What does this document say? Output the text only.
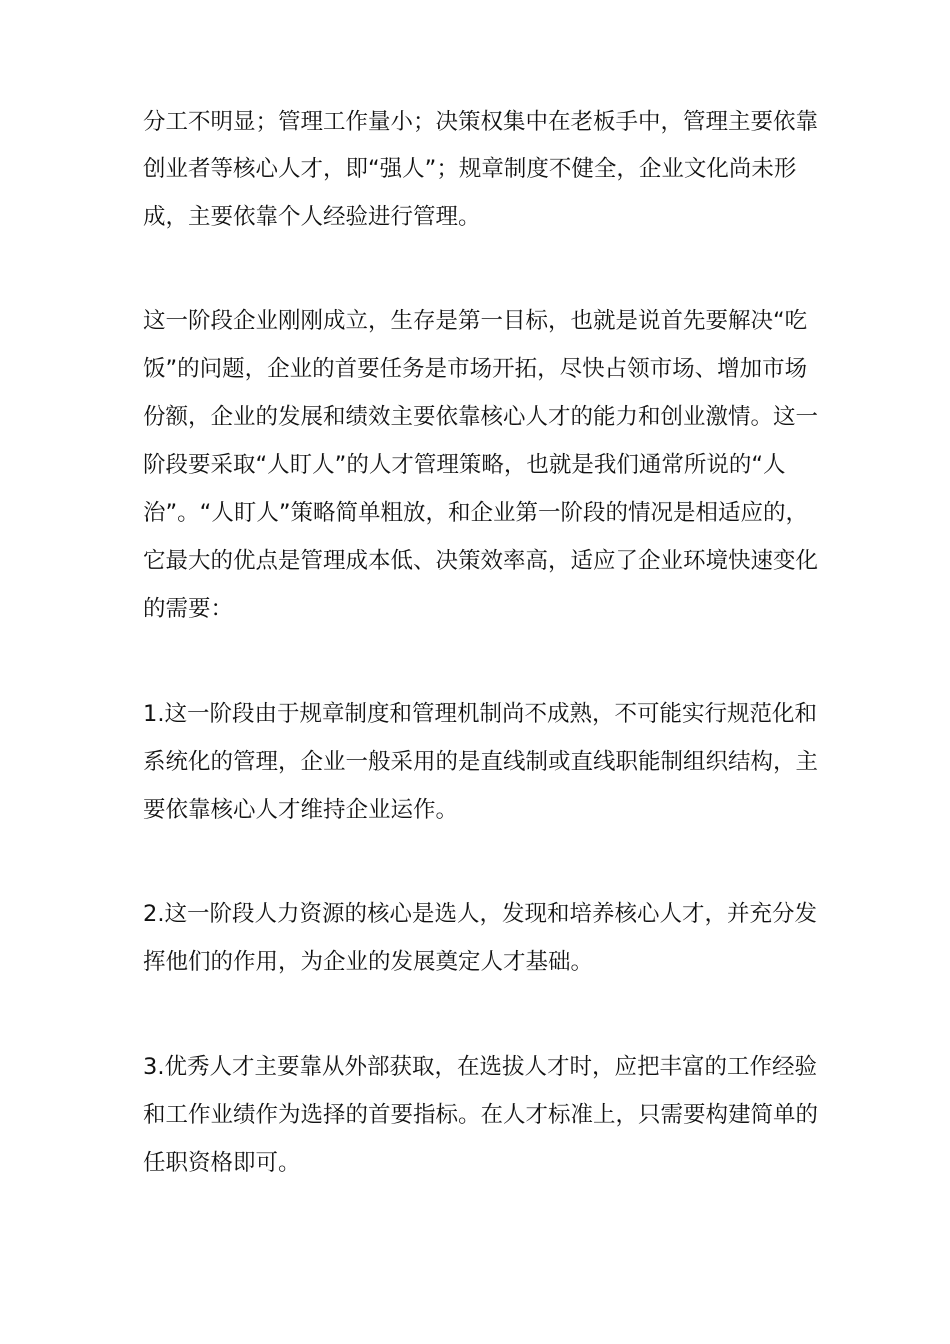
分工不明显；管理工作量小；决策权集中在老板手中，管理主要依靠

创业者等核心人才，即“强人”；规章制度不健全，企业文化尚未形

成，主要依靠个人经验进行管理。

这一阶段企业刚刚成立，生存是第一目标，也就是说首先要解决“吃

饭”的问题，企业的首要任务是市场开拓，尽快占领市场、增加市场

份额，企业的发展和绩效主要依靠核心人才的能力和创业激情。这一

阶段要采取“人盯人”的人才管理策略，也就是我们通常所说的“人

治”。“人盯人”策略简单粗放，和企业第一阶段的情况是相适应的，

它最大的优点是管理成本低、决策效率高，适应了企业环境快速变化

的需要：

1.这一阶段由于规章制度和管理机制尚不成熟，不可能实行规范化和

系统化的管理，企业一般采用的是直线制或直线职能制组织结构，主

要依靠核心人才维持企业运作。

2.这一阶段人力资源的核心是选人，发现和培养核心人才，并充分发

挥他们的作用，为企业的发展奠定人才基础。

3.优秀人才主要靠从外部获取，在选拔人才时，应把丰富的工作经验

和工作业绩作为选择的首要指标。在人才标准上，只需要构建简单的

任职资格即可。
